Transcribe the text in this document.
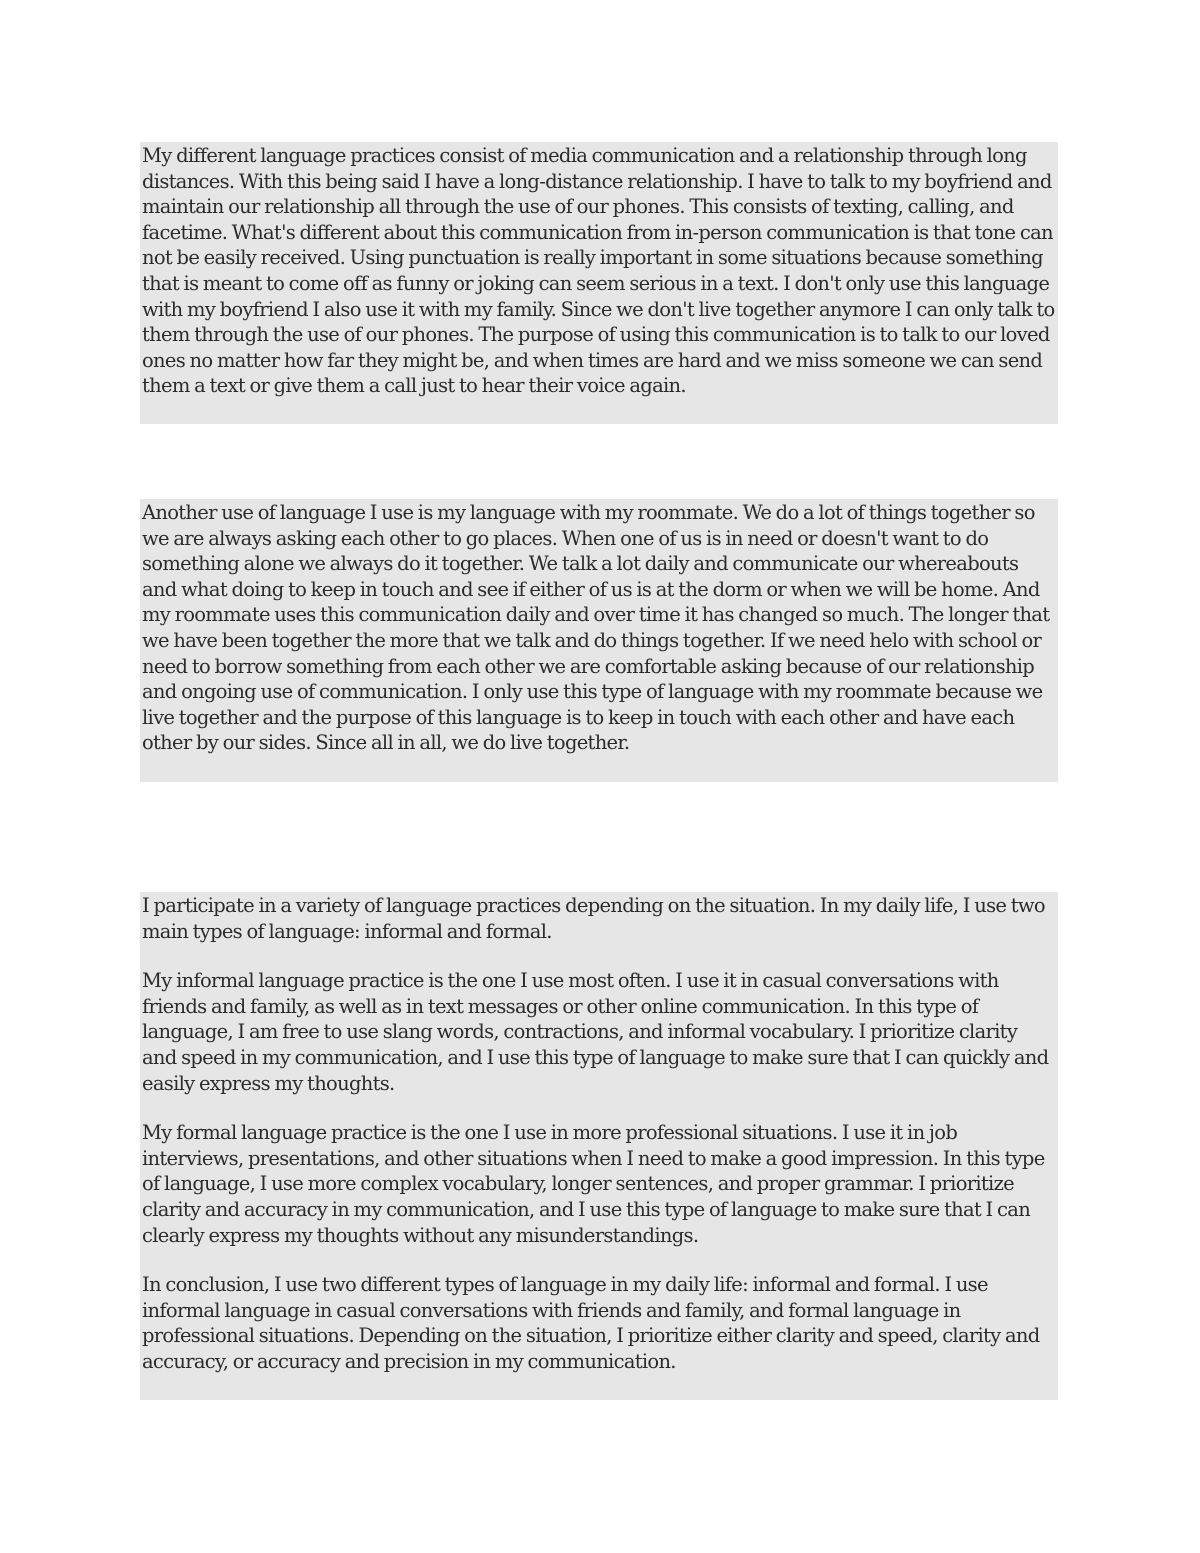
My different language practices consist of media communication and a relationship through long distances. With this being said I have a long-distance relationship. I have to talk to my boyfriend and maintain our relationship all through the use of our phones. This consists of texting, calling, and facetime. What's different about this communication from in-person communication is that tone can not be easily received. Using punctuation is really important in some situations because something that is meant to come off as funny or joking can seem serious in a text. I don't only use this language with my boyfriend I also use it with my family. Since we don't live together anymore I can only talk to them through the use of our phones. The purpose of using this communication is to talk to our loved ones no matter how far they might be, and when times are hard and we miss someone we can send them a text or give them a call just to hear their voice again.

Another use of language I use is my language with my roommate. We do a lot of things together so we are always asking each other to go places. When one of us is in need or doesn't want to do something alone we always do it together. We talk a lot daily and communicate our whereabouts and what doing to keep in touch and see if either of us is at the dorm or when we will be home. And my roommate uses this communication daily and over time it has changed so much. The longer that we have been together the more that we talk and do things together. If we need helo with school or need to borrow something from each other we are comfortable asking because of our relationship and ongoing use of communication. I only use this type of language with my roommate because we live together and the purpose of this language is to keep in touch with each other and have each other by our sides. Since all in all, we do live together.

I participate in a variety of language practices depending on the situation. In my daily life, I use two main types of language: informal and formal.

My informal language practice is the one I use most often. I use it in casual conversations with friends and family, as well as in text messages or other online communication. In this type of language, I am free to use slang words, contractions, and informal vocabulary. I prioritize clarity and speed in my communication, and I use this type of language to make sure that I can quickly and easily express my thoughts.

My formal language practice is the one I use in more professional situations. I use it in job interviews, presentations, and other situations when I need to make a good impression. In this type of language, I use more complex vocabulary, longer sentences, and proper grammar. I prioritize clarity and accuracy in my communication, and I use this type of language to make sure that I can clearly express my thoughts without any misunderstandings.

In conclusion, I use two different types of language in my daily life: informal and formal. I use informal language in casual conversations with friends and family, and formal language in professional situations. Depending on the situation, I prioritize either clarity and speed, clarity and accuracy, or accuracy and precision in my communication.
